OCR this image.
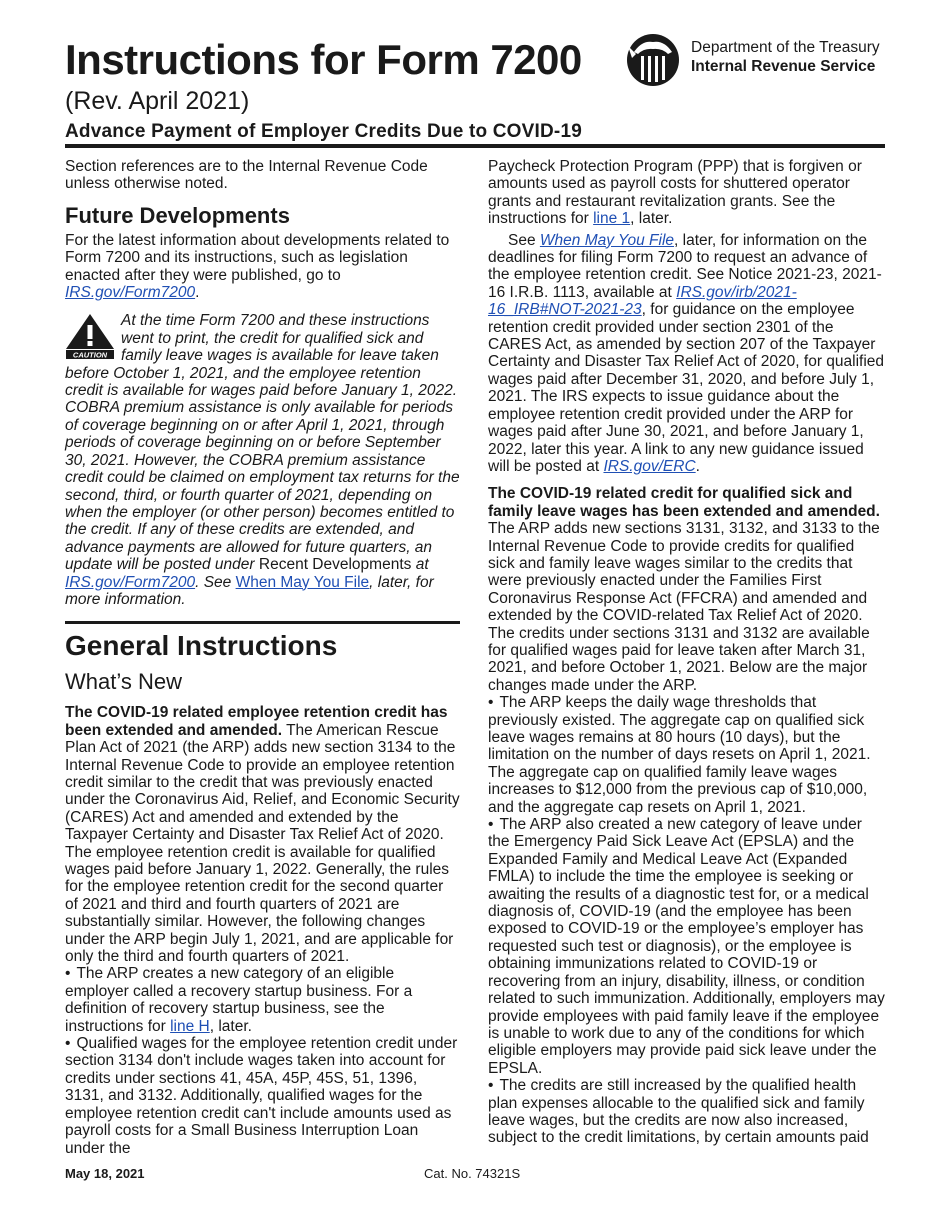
Instructions for Form 7200
(Rev. April 2021)
Advance Payment of Employer Credits Due to COVID-19
Department of the Treasury
Internal Revenue Service

Section references are to the Internal Revenue Code unless otherwise noted.

Future Developments

For the latest information about developments related to Form 7200 and its instructions, such as legislation enacted after they were published, go to IRS.gov/Form7200.

CAUTION
At the time Form 7200 and these instructions went to print, the credit for qualified sick and family leave wages is available for leave taken before October 1, 2021, and the employee retention credit is available for wages paid before January 1, 2022. COBRA premium assistance is only available for periods of coverage beginning on or after April 1, 2021, through periods of coverage beginning on or before September 30, 2021. However, the COBRA premium assistance credit could be claimed on employment tax returns for the second, third, or fourth quarter of 2021, depending on when the employer (or other person) becomes entitled to the credit. If any of these credits are extended, and advance payments are allowed for future quarters, an update will be posted under Recent Developments at IRS.gov/Form7200. See When May You File, later, for more information.
General Instructions
What’s New

The COVID-19 related employee retention credit has been extended and amended. The American Rescue Plan Act of 2021 (the ARP) adds new section 3134 to the Internal Revenue Code to provide an employee retention credit similar to the credit that was previously enacted under the Coronavirus Aid, Relief, and Economic Security (CARES) Act and amended and extended by the Taxpayer Certainty and Disaster Tax Relief Act of 2020. The employee retention credit is available for qualified wages paid before January 1, 2022. Generally, the rules for the employee retention credit for the second quarter of 2021 and third and fourth quarters of 2021 are substantially similar. However, the following changes under the ARP begin July 1, 2021, and are applicable for only the third and fourth quarters of 2021.

• The ARP creates a new category of an eligible employer called a recovery startup business. For a definition of recovery startup business, see the instructions for line H, later.

• Qualified wages for the employee retention credit under section 3134 don't include wages taken into account for credits under sections 41, 45A, 45P, 45S, 51, 1396, 3131, and 3132. Additionally, qualified wages for the employee retention credit can't include amounts used as payroll costs for a Small Business Interruption Loan under the

Paycheck Protection Program (PPP) that is forgiven or amounts used as payroll costs for shuttered operator grants and restaurant revitalization grants. See the instructions for line 1, later.

See When May You File, later, for information on the deadlines for filing Form 7200 to request an advance of the employee retention credit. See Notice 2021-23, 2021-16 I.R.B. 1113, available at IRS.gov/irb/2021-16_IRB#NOT-2021-23, for guidance on the employee retention credit provided under section 2301 of the CARES Act, as amended by section 207 of the Taxpayer Certainty and Disaster Tax Relief Act of 2020, for qualified wages paid after December 31, 2020, and before July 1, 2021. The IRS expects to issue guidance about the employee retention credit provided under the ARP for wages paid after June 30, 2021, and before January 1, 2022, later this year. A link to any new guidance issued will be posted at IRS.gov/ERC.

The COVID-19 related credit for qualified sick and family leave wages has been extended and amended. The ARP adds new sections 3131, 3132, and 3133 to the Internal Revenue Code to provide credits for qualified sick and family leave wages similar to the credits that were previously enacted under the Families First Coronavirus Response Act (FFCRA) and amended and extended by the COVID-related Tax Relief Act of 2020. The credits under sections 3131 and 3132 are available for qualified wages paid for leave taken after March 31, 2021, and before October 1, 2021. Below are the major changes made under the ARP.

• The ARP keeps the daily wage thresholds that previously existed. The aggregate cap on qualified sick leave wages remains at 80 hours (10 days), but the limitation on the number of days resets on April 1, 2021. The aggregate cap on qualified family leave wages increases to $12,000 from the previous cap of $10,000, and the aggregate cap resets on April 1, 2021.

• The ARP also created a new category of leave under the Emergency Paid Sick Leave Act (EPSLA) and the Expanded Family and Medical Leave Act (Expanded FMLA) to include the time the employee is seeking or awaiting the results of a diagnostic test for, or a medical diagnosis of, COVID-19 (and the employee has been exposed to COVID-19 or the employee’s employer has requested such test or diagnosis), or the employee is obtaining immunizations related to COVID-19 or recovering from an injury, disability, illness, or condition related to such immunization. Additionally, employers may provide employees with paid family leave if the employee is unable to work due to any of the conditions for which eligible employers may provide paid sick leave under the EPSLA.

• The credits are still increased by the qualified health plan expenses allocable to the qualified sick and family leave wages, but the credits are now also increased, subject to the credit limitations, by certain amounts paid

May 18, 2021	Cat. No. 74321S
